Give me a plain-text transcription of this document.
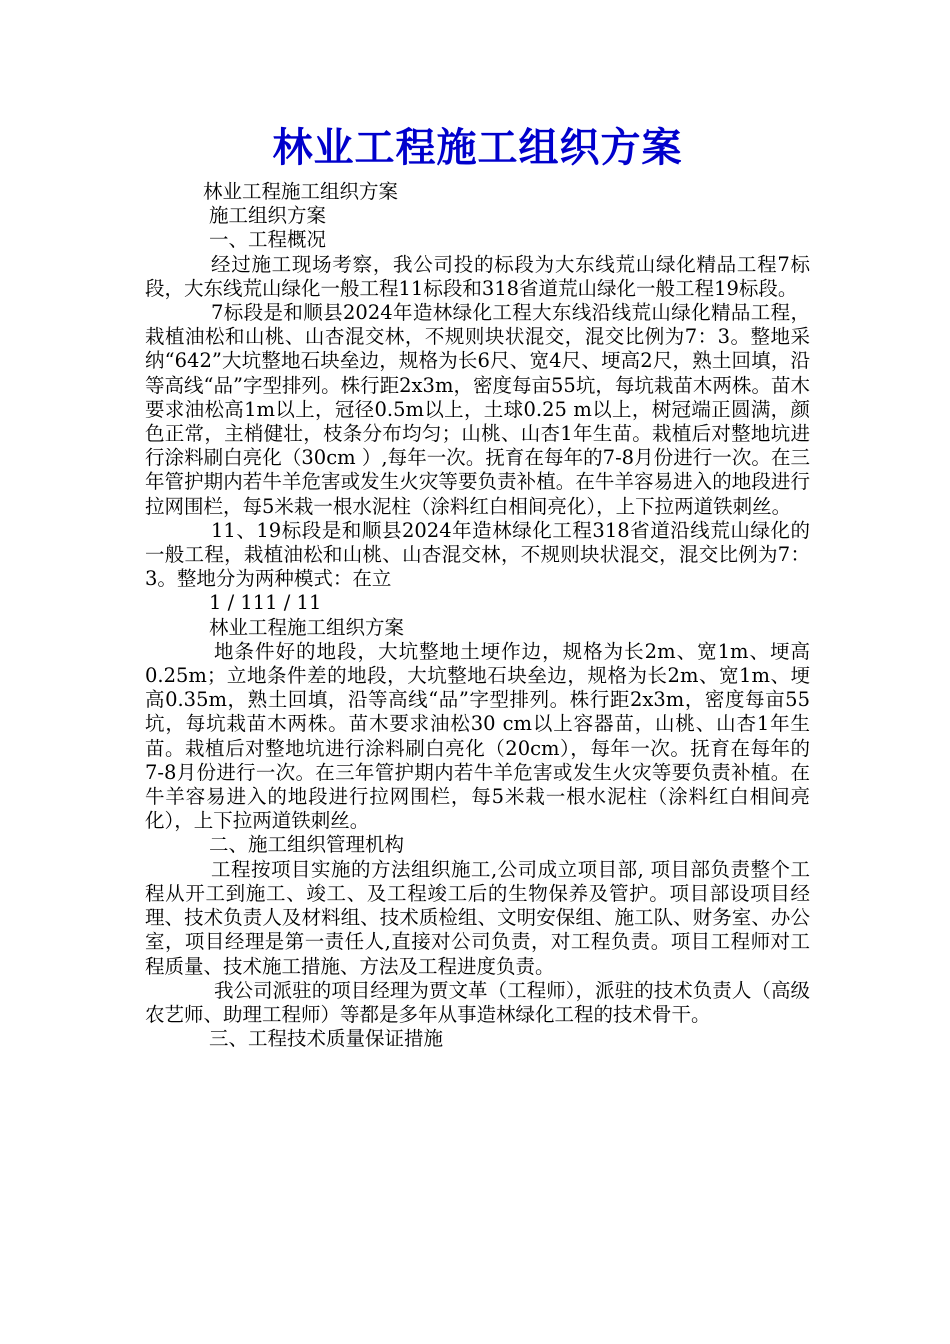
林业工程施工组织方案

林业工程施工组织方案

施工组织方案

一、工程概况

经过施工现场考察，我公司投的标段为大东线荒山绿化精品工程7标段，大东线荒山绿化一般工程11标段和318省道荒山绿化一般工程19标段。

7标段是和顺县2024年造林绿化工程大东线沿线荒山绿化精品工程，栽植油松和山桃、山杏混交林，不规则块状混交，混交比例为7：3。整地采纳“642”大坑整地石块垒边，规格为长6尺、宽4尺、埂高2尺，熟土回填，沿等高线“品”字型排列。株行距2x3m，密度每亩55坑，每坑栽苗木两株。苗木要求油松高1m以上，冠径0.5m以上，土球0.25 m以上，树冠端正圆满，颜色正常，主梢健壮，枝条分布均匀；山桃、山杏1年生苗。栽植后对整地坑进行涂料刷白亮化（30cm ）,每年一次。抚育在每年的7-8月份进行一次。在三年管护期内若牛羊危害或发生火灾等要负责补植。在牛羊容易进入的地段进行拉网围栏，每5米栽一根水泥柱（涂料红白相间亮化），上下拉两道铁刺丝。

11、19标段是和顺县2024年造林绿化工程318省道沿线荒山绿化的一般工程，栽植油松和山桃、山杏混交林，不规则块状混交，混交比例为7：3。整地分为两种模式：在立

1 / 111 / 11

林业工程施工组织方案

地条件好的地段，大坑整地土埂作边，规格为长2m、宽1m、埂高0.25m；立地条件差的地段，大坑整地石块垒边，规格为长2m、宽1m、埂高0.35m，熟土回填，沿等高线“品”字型排列。株行距2x3m，密度每亩55坑，每坑栽苗木两株。苗木要求油松30 cm以上容器苗，山桃、山杏1年生苗。栽植后对整地坑进行涂料刷白亮化（20cm），每年一次。抚育在每年的7-8月份进行一次。在三年管护期内若牛羊危害或发生火灾等要负责补植。在牛羊容易进入的地段进行拉网围栏，每5米栽一根水泥柱（涂料红白相间亮化），上下拉两道铁刺丝。

二、施工组织管理机构

工程按项目实施的方法组织施工,公司成立项目部, 项目部负责整个工程从开工到施工、竣工、及工程竣工后的生物保养及管护。项目部设项目经理、技术负责人及材料组、技术质检组、文明安保组、施工队、财务室、办公室，项目经理是第一责任人,直接对公司负责，对工程负责。项目工程师对工程质量、技术施工措施、方法及工程进度负责。

我公司派驻的项目经理为贾文革（工程师），派驻的技术负责人（高级农艺师、助理工程师）等都是多年从事造林绿化工程的技术骨干。

三、工程技术质量保证措施
